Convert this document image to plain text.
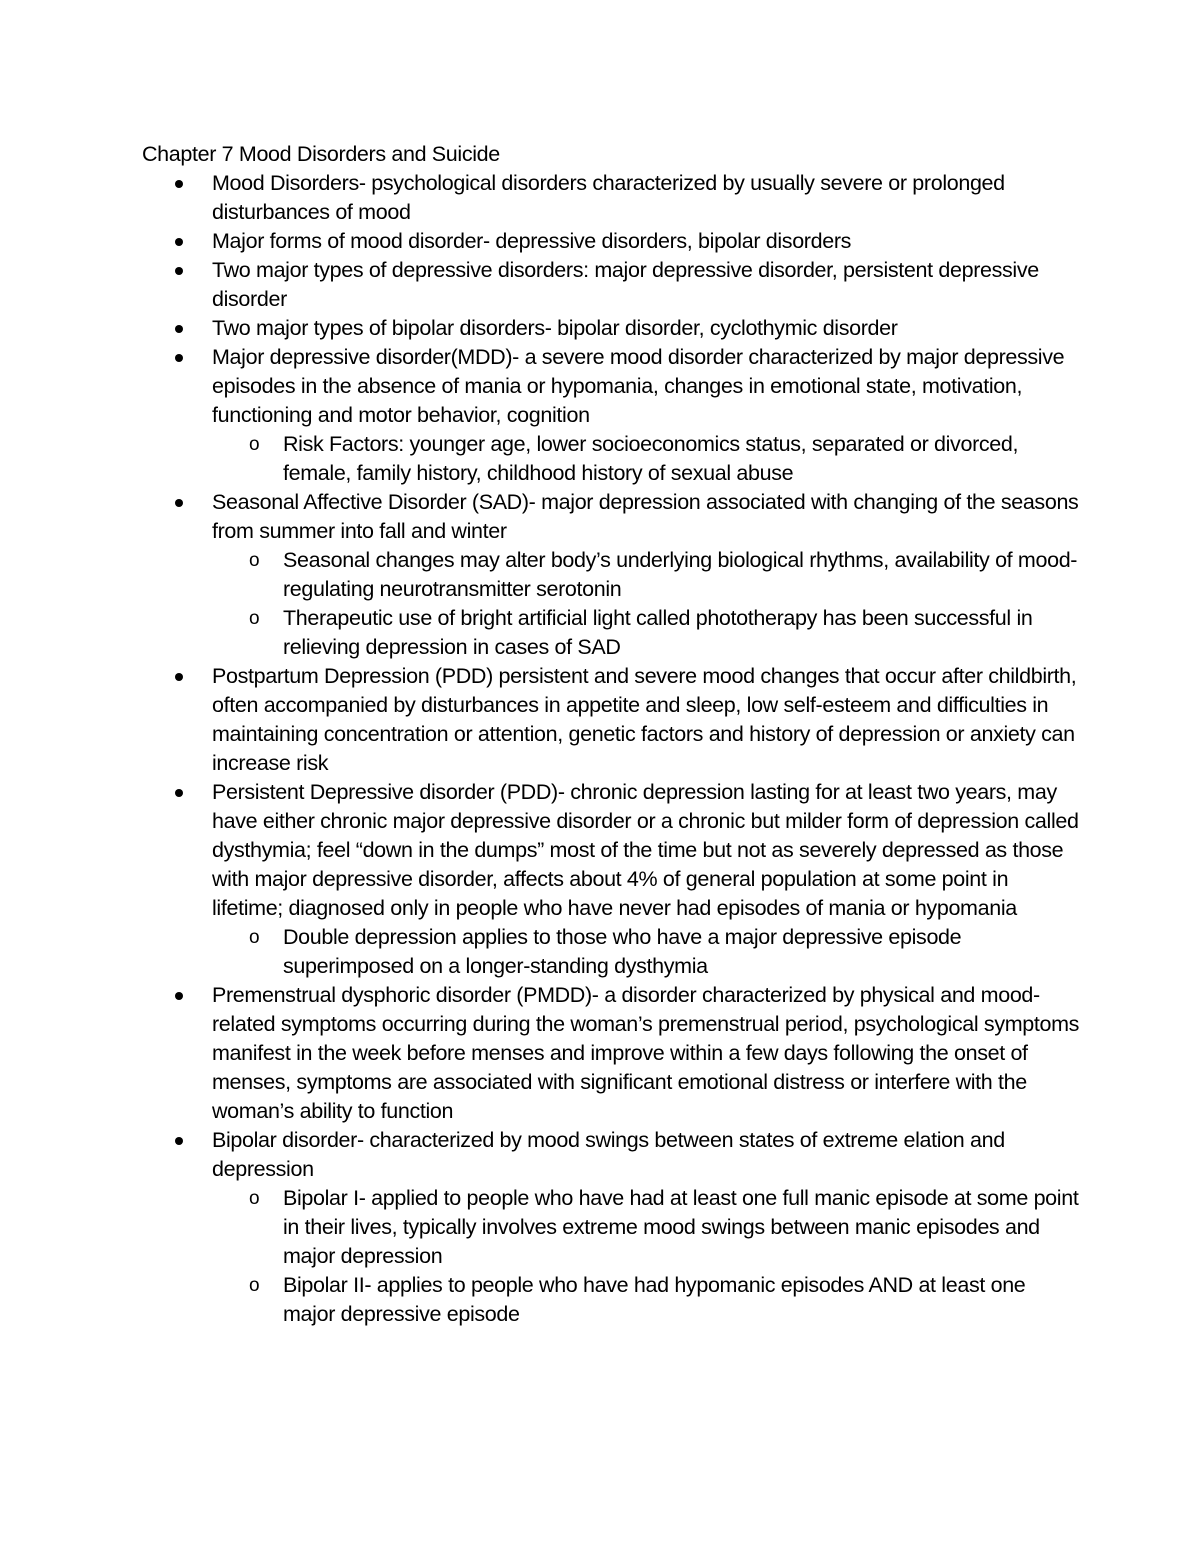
Chapter 7 Mood Disorders and Suicide
Mood Disorders- psychological disorders characterized by usually severe or prolonged disturbances of mood
Major forms of mood disorder- depressive disorders, bipolar disorders
Two major types of depressive disorders: major depressive disorder, persistent depressive disorder
Two major types of bipolar disorders- bipolar disorder, cyclothymic disorder
Major depressive disorder(MDD)- a severe mood disorder characterized by major depressive episodes in the absence of mania or hypomania, changes in emotional state, motivation, functioning and motor behavior, cognition
o Risk Factors: younger age, lower socioeconomics status, separated or divorced, female, family history, childhood history of sexual abuse
Seasonal Affective Disorder (SAD)- major depression associated with changing of the seasons from summer into fall and winter
o Seasonal changes may alter body’s underlying biological rhythms, availability of mood-regulating neurotransmitter serotonin
o Therapeutic use of bright artificial light called phototherapy has been successful in relieving depression in cases of SAD
Postpartum Depression (PDD) persistent and severe mood changes that occur after childbirth, often accompanied by disturbances in appetite and sleep, low self-esteem and difficulties in maintaining concentration or attention, genetic factors and history of depression or anxiety can increase risk
Persistent Depressive disorder (PDD)- chronic depression lasting for at least two years, may have either chronic major depressive disorder or a chronic but milder form of depression called dysthymia; feel “down in the dumps” most of the time but not as severely depressed as those with major depressive disorder, affects about 4% of general population at some point in lifetime; diagnosed only in people who have never had episodes of mania or hypomania
o Double depression applies to those who have a major depressive episode superimposed on a longer-standing dysthymia
Premenstrual dysphoric disorder (PMDD)- a disorder characterized by physical and mood-related symptoms occurring during the woman’s premenstrual period, psychological symptoms manifest in the week before menses and improve within a few days following the onset of menses, symptoms are associated with significant emotional distress or interfere with the woman’s ability to function
Bipolar disorder- characterized by mood swings between states of extreme elation and depression
o Bipolar I- applied to people who have had at least one full manic episode at some point in their lives, typically involves extreme mood swings between manic episodes and major depression
o Bipolar II- applies to people who have had hypomanic episodes AND at least one major depressive episode
